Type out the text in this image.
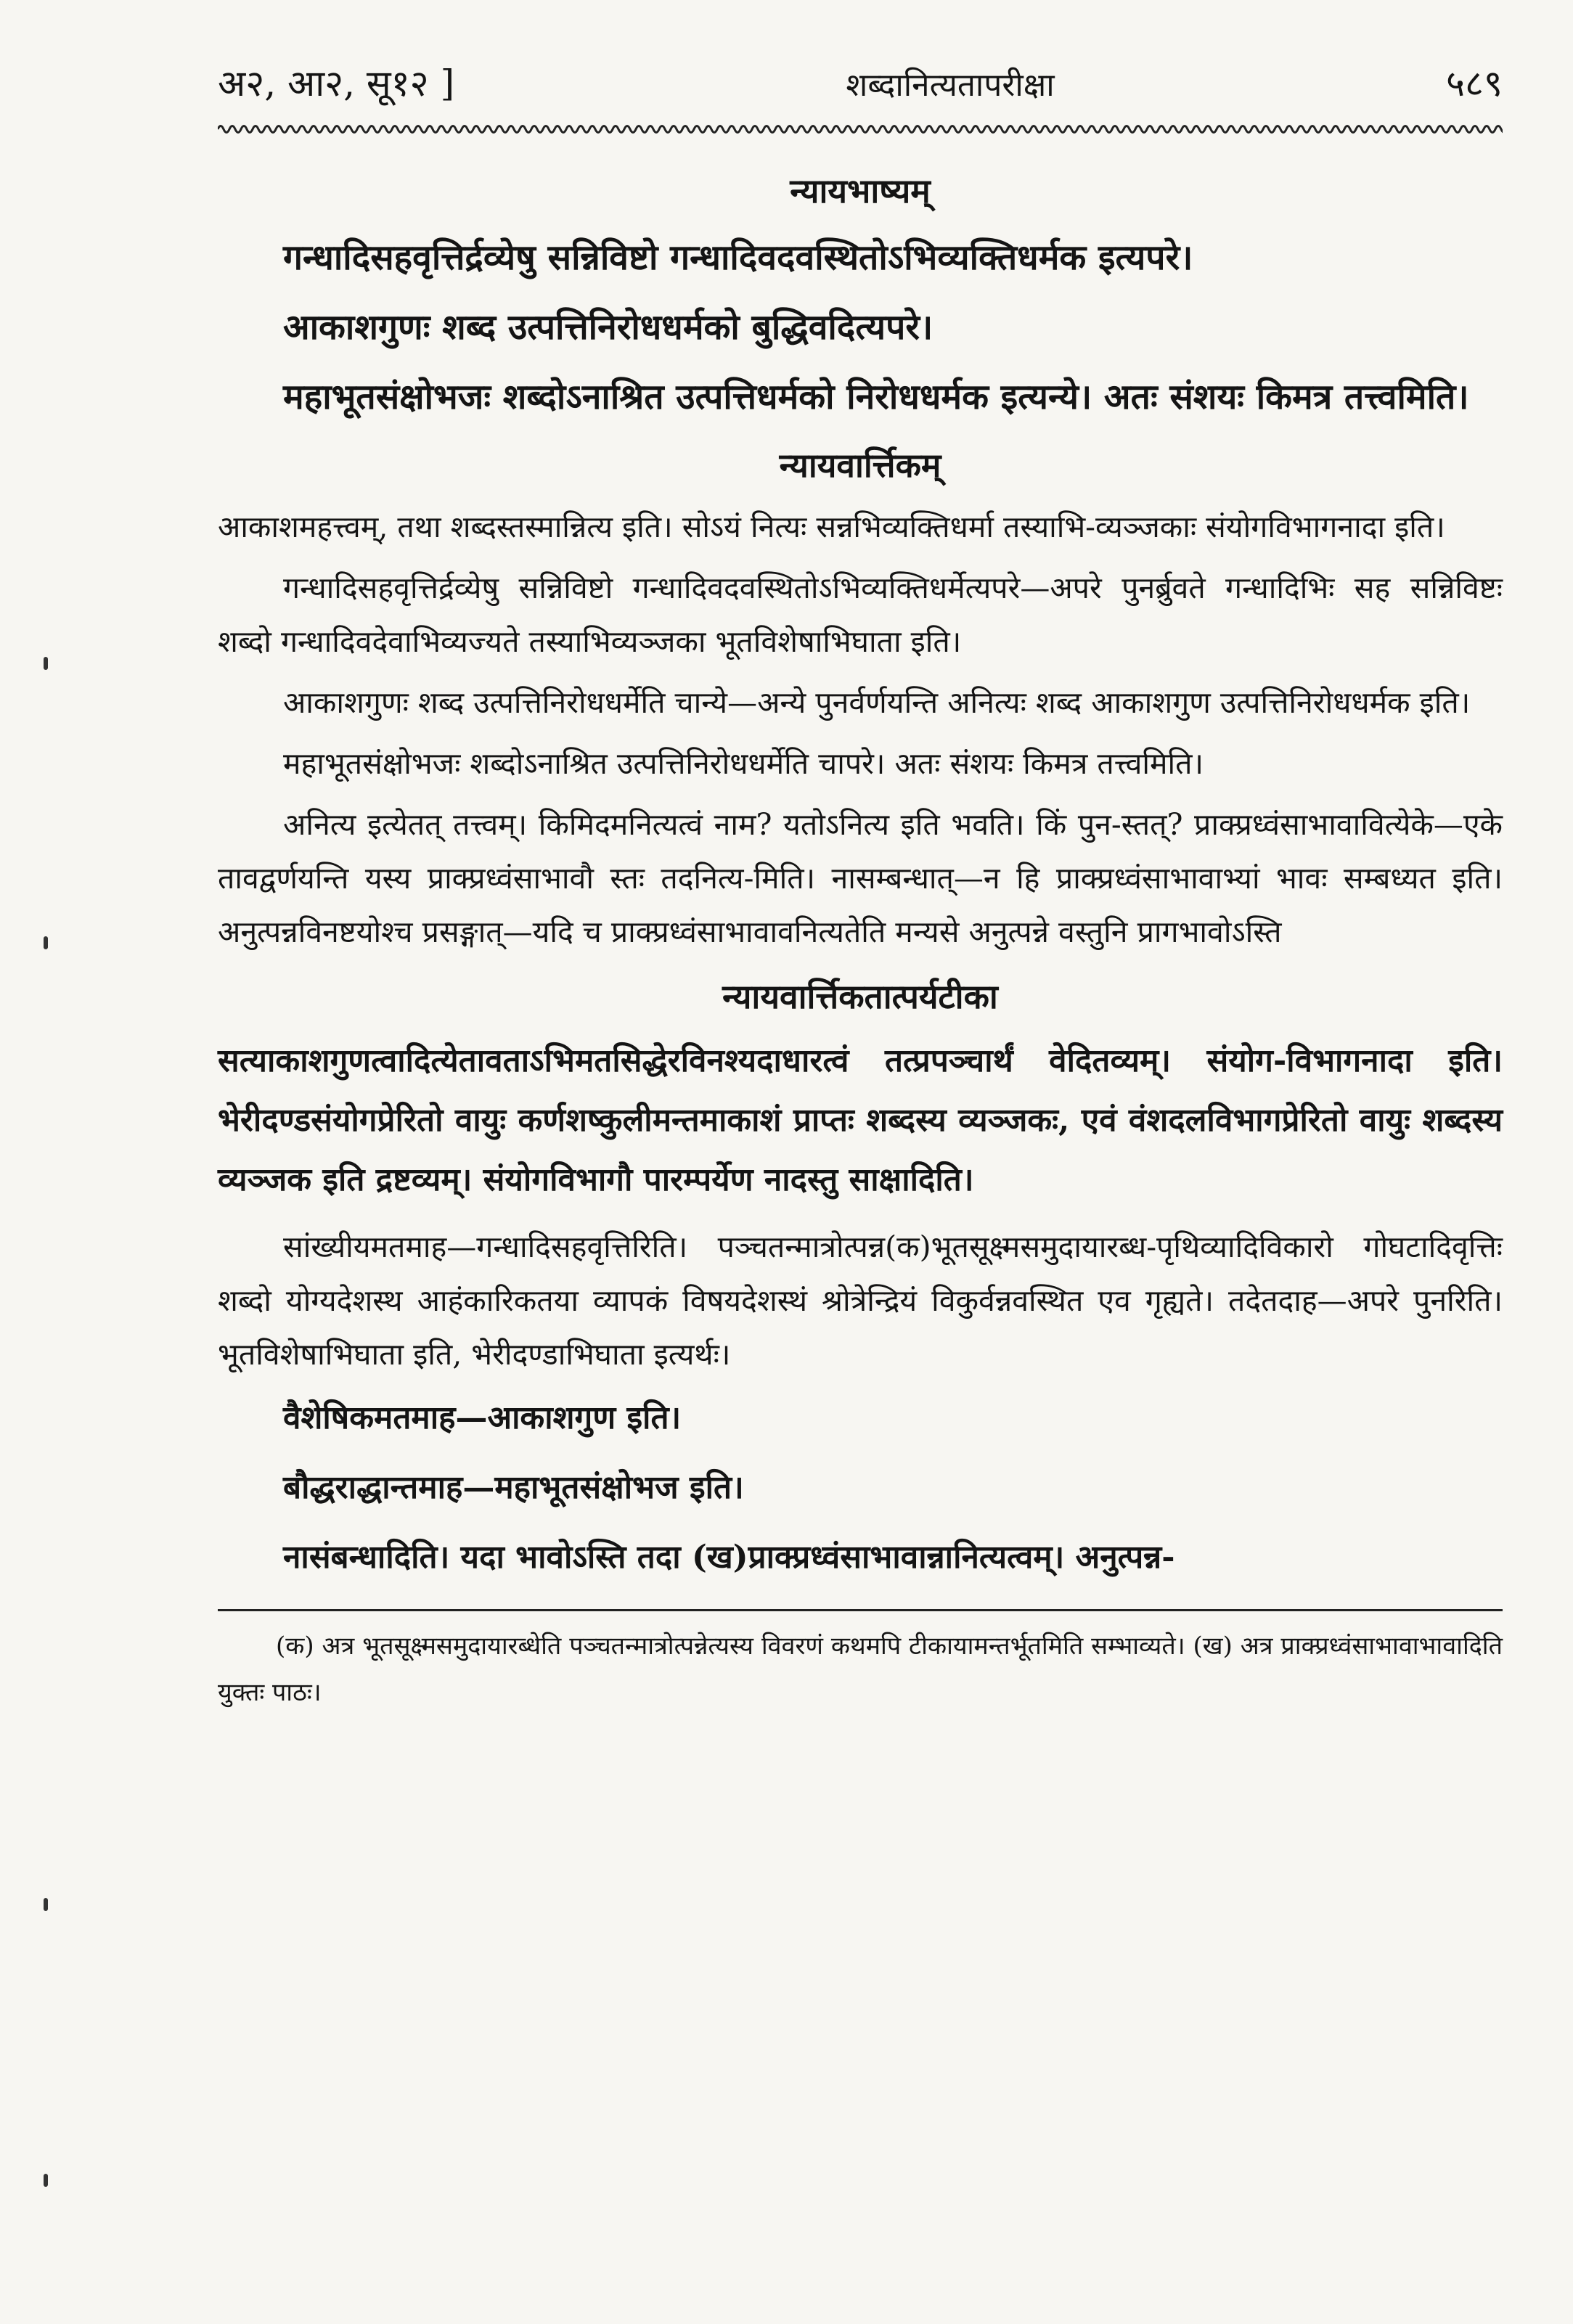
अ२, आ२, सू१२ ]	शब्दानित्यतापरीक्षा	५८९
न्यायभाष्यम्

गन्धादिसहवृत्तिर्द्रव्येषु सन्निविष्टो गन्धादिवदवस्थितोऽभिव्यक्तिधर्मक इत्यपरे।

आकाशगुणः शब्द उत्पत्तिनिरोधधर्मको बुद्धिवदित्यपरे।

महाभूतसंक्षोभजः शब्दोऽनाश्रित उत्पत्तिधर्मको निरोधधर्मक इत्यन्ये। अतः संशयः किमत्र तत्त्वमिति।

न्यायवार्त्तिकम्

आकाशमहत्त्वम्, तथा शब्दस्तस्मान्नित्य इति। सोऽयं नित्यः सन्नभिव्यक्तिधर्मा तस्याभि-व्यञ्जकाः संयोगविभागनादा इति।

गन्धादिसहवृत्तिर्द्रव्येषु सन्निविष्टो गन्धादिवदवस्थितोऽभिव्यक्तिधर्मेत्यपरे—अपरे पुनर्ब्रुवते गन्धादिभिः सह सन्निविष्टः शब्दो गन्धादिवदेवाभिव्यज्यते तस्याभिव्यञ्जका भूतविशेषाभिघाता इति।

आकाशगुणः शब्द उत्पत्तिनिरोधधर्मेति चान्ये—अन्ये पुनर्वर्णयन्ति अनित्यः शब्द आकाशगुण उत्पत्तिनिरोधधर्मक इति।

महाभूतसंक्षोभजः शब्दोऽनाश्रित उत्पत्तिनिरोधधर्मेति चापरे। अतः संशयः किमत्र तत्त्वमिति।

अनित्य इत्येतत् तत्त्वम्। किमिदमनित्यत्वं नाम? यतोऽनित्य इति भवति। किं पुन-स्तत्? प्राक्प्रध्वंसाभावावित्येके—एके तावद्वर्णयन्ति यस्य प्राक्प्रध्वंसाभावौ स्तः तदनित्य-मिति। नासम्बन्धात्—न हि प्राक्प्रध्वंसाभावाभ्यां भावः सम्बध्यत इति। अनुत्पन्नविनष्टयोश्च प्रसङ्गात्—यदि च प्राक्प्रध्वंसाभावावनित्यतेति मन्यसे अनुत्पन्ने वस्तुनि प्रागभावोऽस्ति

न्यायवार्त्तिकतात्पर्यटीका

सत्याकाशगुणत्वादित्येतावताऽभिमतसिद्धेरविनश्यदाधारत्वं तत्प्रपञ्चार्थं वेदितव्यम्। संयोग-विभागनादा इति। भेरीदण्डसंयोगप्रेरितो वायुः कर्णशष्कुलीमन्तमाकाशं प्राप्तः शब्दस्य व्यञ्जकः, एवं वंशदलविभागप्रेरितो वायुः शब्दस्य व्यञ्जक इति द्रष्टव्यम्। संयोगविभागौ पारम्पर्येण नादस्तु साक्षादिति।

सांख्यीयमतमाह—गन्धादिसहवृत्तिरिति। पञ्चतन्मात्रोत्पन्न(क)भूतसूक्ष्मसमुदायारब्ध-पृथिव्यादिविकारो गोघटादिवृत्तिः शब्दो योग्यदेशस्थ आहंकारिकतया व्यापकं विषयदेशस्थं श्रोत्रेन्द्रियं विकुर्वन्नवस्थित एव गृह्यते। तदेतदाह—अपरे पुनरिति। भूतविशेषाभिघाता इति, भेरीदण्डाभिघाता इत्यर्थः।

वैशेषिकमतमाह—आकाशगुण इति।

बौद्धराद्धान्तमाह—महाभूतसंक्षोभज इति।

नासंबन्धादिति। यदा भावोऽस्ति तदा (ख)प्राक्प्रध्वंसाभावान्नानित्यत्वम्। अनुत्पन्न-

(क) अत्र भूतसूक्ष्मसमुदायारब्धेति पञ्चतन्मात्रोत्पन्नेत्यस्य विवरणं कथमपि टीकायामन्तर्भूतमिति सम्भाव्यते। (ख) अत्र प्राक्प्रध्वंसाभावाभावादिति युक्तः पाठः।
